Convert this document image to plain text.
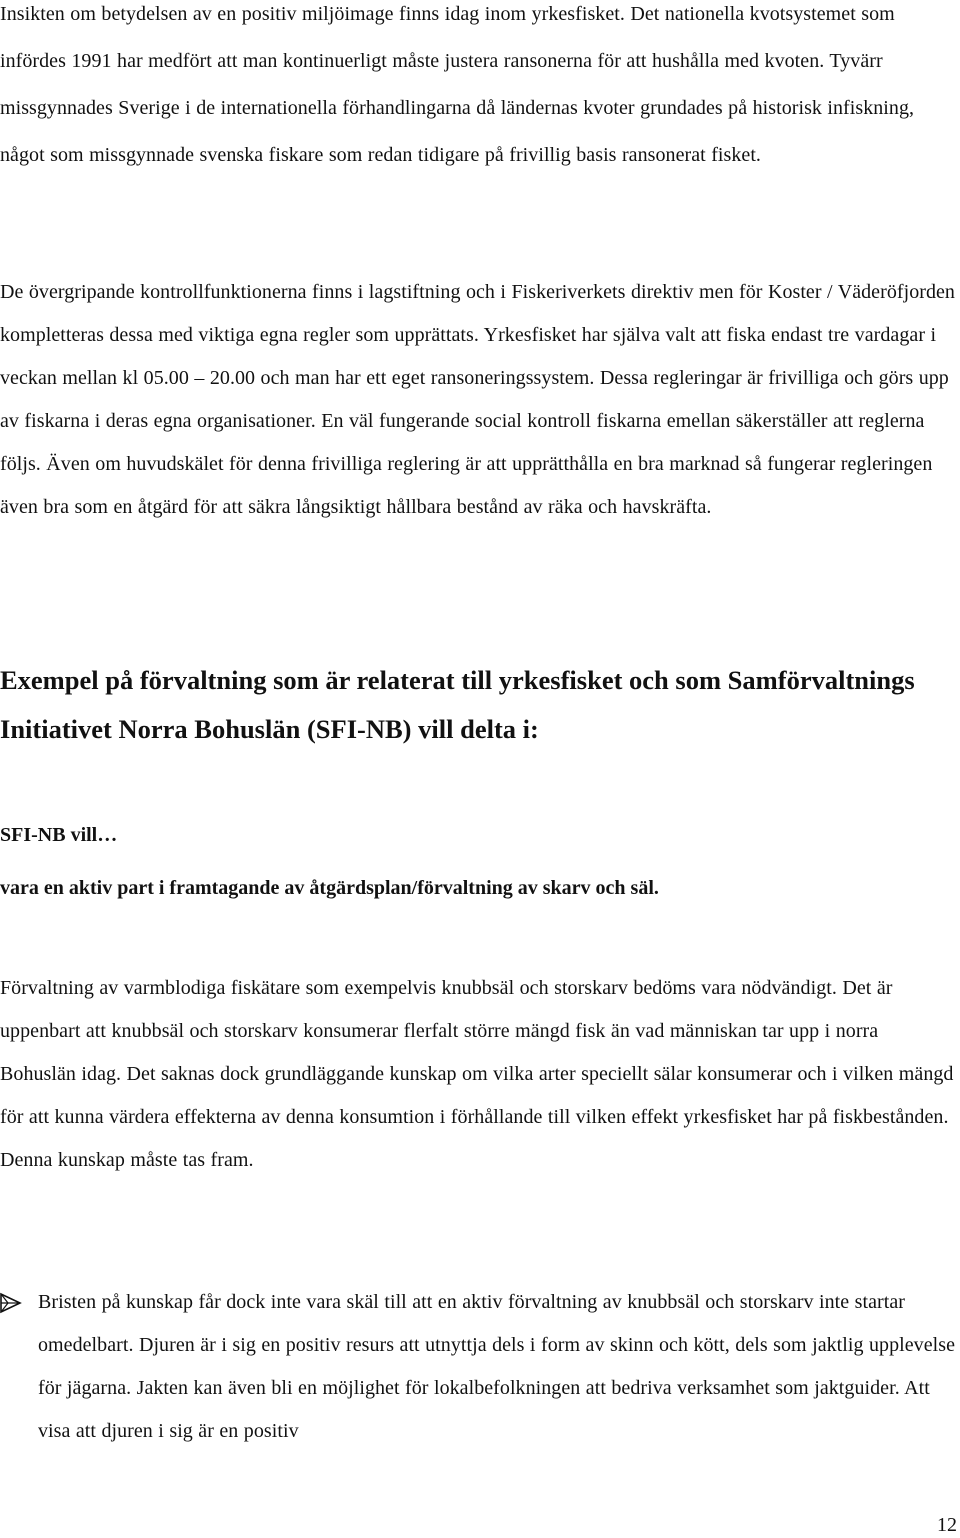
Insikten om betydelsen av en positiv miljöimage finns idag inom yrkesfisket. Det nationella kvotsystemet som infördes 1991 har medfört att man kontinuerligt måste justera ransonerna för att hushålla med kvoten. Tyvärr missgynnades Sverige i de internationella förhandlingarna då ländernas kvoter grundades på historisk infiskning, något som missgynnade svenska fiskare som redan tidigare på frivillig basis ransonerat fisket.

De övergripande kontrollfunktionerna finns i lagstiftning och i Fiskeriverkets direktiv men för Koster / Väderöfjorden kompletteras dessa med viktiga egna regler som upprättats. Yrkesfisket har själva valt att fiska endast tre vardagar i veckan mellan kl 05.00 – 20.00 och man har ett eget ransoneringssystem. Dessa regleringar är frivilliga och görs upp av fiskarna i deras egna organisationer. En väl fungerande social kontroll fiskarna emellan säkerställer att reglerna följs. Även om huvudskälet för denna frivilliga reglering är att upprätthålla en bra marknad så fungerar regleringen även bra som en åtgärd för att säkra långsiktigt hållbara bestånd av räka och havskräfta.

Exempel på förvaltning som är relaterat till yrkesfisket och som Samförvaltnings Initiativet Norra Bohuslän (SFI-NB) vill delta i:

SFI-NB vill…

vara en aktiv part i framtagande av åtgärdsplan/förvaltning av skarv och säl.

Förvaltning av varmblodiga fiskätare som exempelvis knubbsäl och storskarv bedöms vara nödvändigt. Det är uppenbart att knubbsäl och storskarv konsumerar flerfalt större mängd fisk än vad människan tar upp i norra Bohuslän idag. Det saknas dock grundläggande kunskap om vilka arter speciellt sälar konsumerar och i vilken mängd för att kunna värdera effekterna av denna konsumtion i förhållande till vilken effekt yrkesfisket har på fiskbestånden. Denna kunskap måste tas fram.

Bristen på kunskap får dock inte vara skäl till att en aktiv förvaltning av knubbsäl och storskarv inte startar omedelbart. Djuren är i sig en positiv resurs att utnyttja dels i form av skinn och kött, dels som jaktlig upplevelse för jägarna. Jakten kan även bli en möjlighet för lokalbefolkningen att bedriva verksamhet som jaktguider. Att visa att djuren i sig är en positiv

12
